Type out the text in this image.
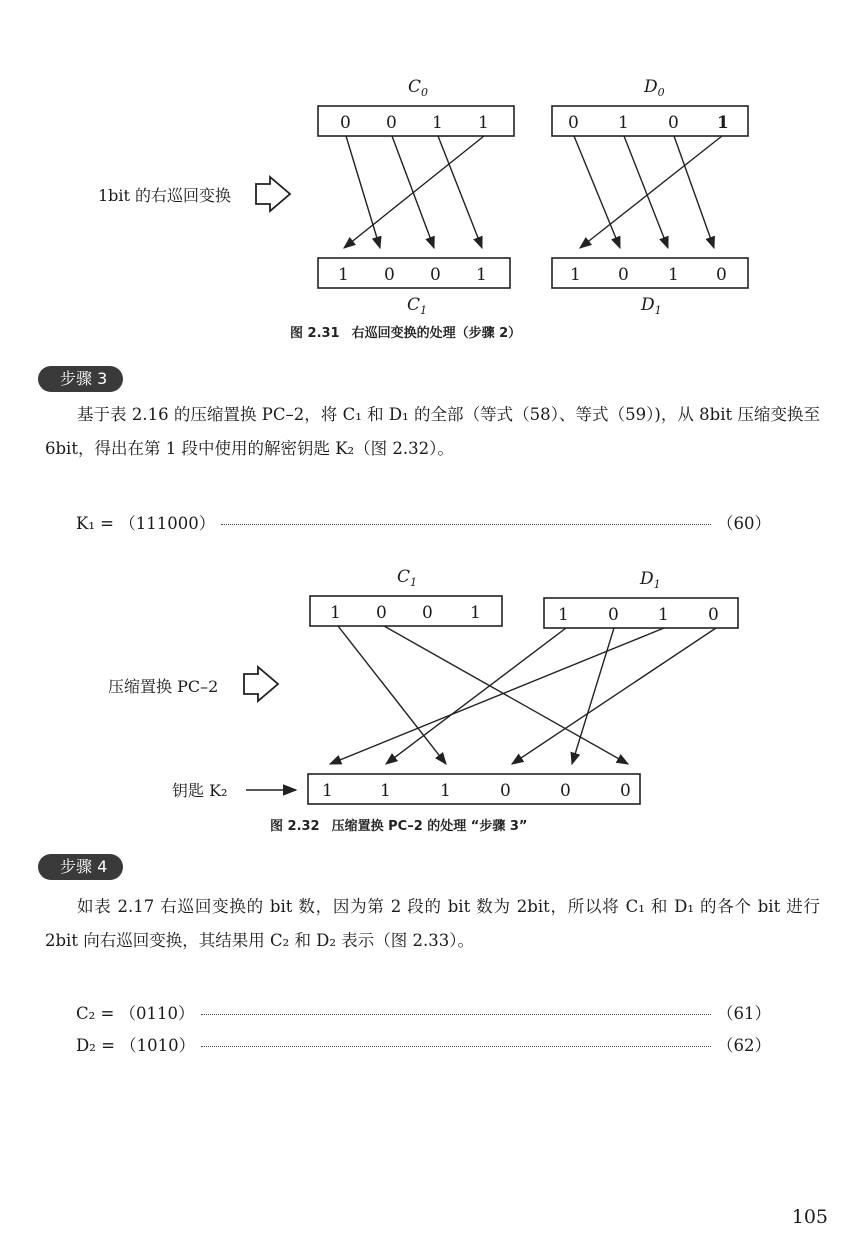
$C_0$	$D_0$
0 0 1 1	0 1 0 1
1 0 0 1	1 0 1 0
$C_1$	$D_1$
1bit 的右巡回变换
图 2.31 右巡回变换的处理（步骤 2）
步骤 3
基于表 2.16 的压缩置换 PC–2，将 C₁ 和 D₁ 的全部（等式（58）、等式（59）)，从 8bit 压缩变换至 6bit，得出在第 1 段中使用的解密钥匙 K₂（图 2.32）。
K₁ = （111000）	（60）
$C_1$	$D_1$
1 0 0 1	1 0 1 0
1	1	1	0	0	0
压缩置换 PC–2
钥匙 K₂
图 2.32 压缩置换 PC–2 的处理 “步骤 3”
步骤 4
如表 2.17 右巡回变换的 bit 数，因为第 2 段的 bit 数为 2bit，所以将 C₁ 和 D₁ 的各个 bit 进行 2bit 向右巡回变换，其结果用 C₂ 和 D₂ 表示（图 2.33）。
C₂ = （0110）	（61）
D₂ = （1010）	（62）
105
